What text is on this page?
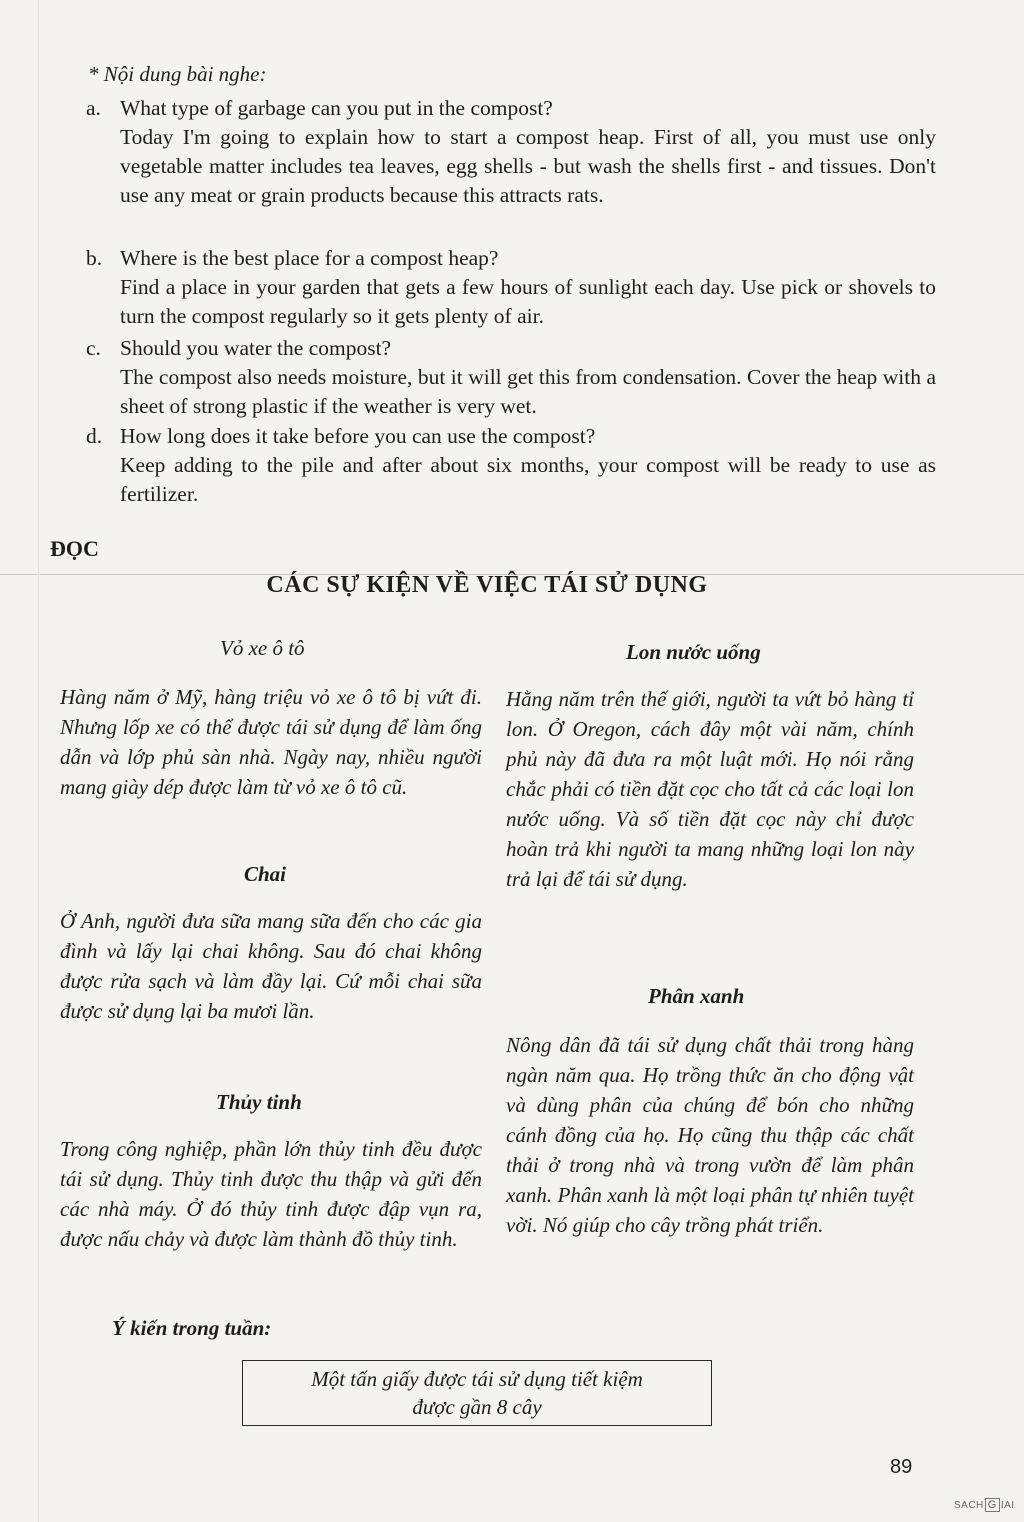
* Nội dung bài nghe:
a. What type of garbage can you put in the compost?
Today I'm going to explain how to start a compost heap. First of all, you must use only vegetable matter includes tea leaves, egg shells - but wash the shells first - and tissues. Don't use any meat or grain products because this attracts rats.
b. Where is the best place for a compost heap?
Find a place in your garden that gets a few hours of sunlight each day. Use pick or shovels to turn the compost regularly so it gets plenty of air.
c. Should you water the compost?
The compost also needs moisture, but it will get this from condensation. Cover the heap with a sheet of strong plastic if the weather is very wet.
d. How long does it take before you can use the compost?
Keep adding to the pile and after about six months, your compost will be ready to use as fertilizer.
ĐỌC
CÁC SỰ KIỆN VỀ VIỆC TÁI SỬ DỤNG
Vỏ xe ô tô
Hàng năm ở Mỹ, hàng triệu vỏ xe ô tô bị vứt đi. Nhưng lốp xe có thể được tái sử dụng để làm ống dẫn và lớp phủ sàn nhà. Ngày nay, nhiều người mang giày dép được làm từ vỏ xe ô tô cũ.
Chai
Ở Anh, người đưa sữa mang sữa đến cho các gia đình và lấy lại chai không. Sau đó chai không được rửa sạch và làm đầy lại. Cứ mỗi chai sữa được sử dụng lại ba mươi lần.
Thủy tinh
Trong công nghiệp, phần lớn thủy tinh đều được tái sử dụng. Thủy tinh được thu thập và gửi đến các nhà máy. Ở đó thủy tinh được đập vụn ra, được nấu chảy và được làm thành đồ thủy tinh.
Lon nước uống
Hằng năm trên thế giới, người ta vứt bỏ hàng tỉ lon. Ở Oregon, cách đây một vài năm, chính phủ này đã đưa ra một luật mới. Họ nói rằng chắc phải có tiền đặt cọc cho tất cả các loại lon nước uống. Và số tiền đặt cọc này chỉ được hoàn trả khi người ta mang những loại lon này trả lại để tái sử dụng.
Phân xanh
Nông dân đã tái sử dụng chất thải trong hàng ngàn năm qua. Họ trồng thức ăn cho động vật và dùng phân của chúng để bón cho những cánh đồng của họ. Họ cũng thu thập các chất thải ở trong nhà và trong vườn để làm phân xanh. Phân xanh là một loại phân tự nhiên tuyệt vời. Nó giúp cho cây trồng phát triển.
Ý kiến trong tuần:
Một tấn giấy được tái sử dụng tiết kiệm
được gần 8 cây
89
SACH G IAI
